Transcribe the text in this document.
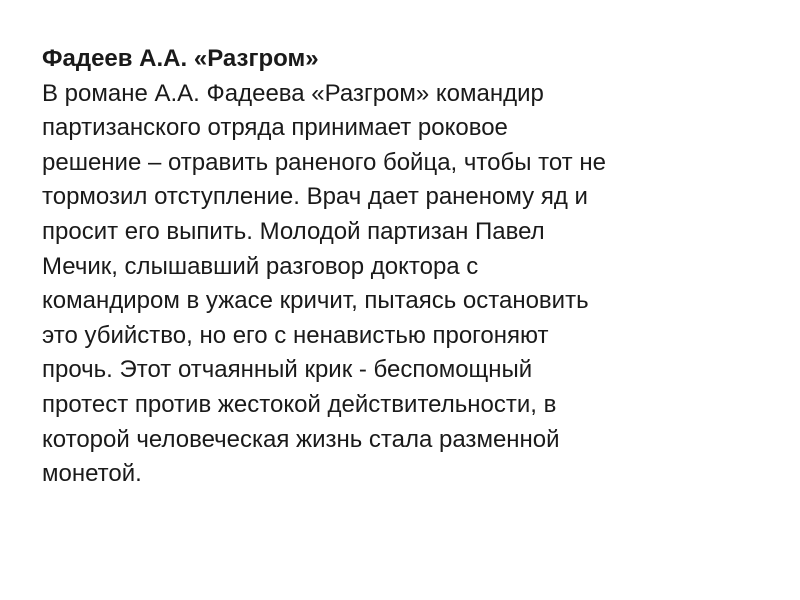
Фадеев А.А. «Разгром»

В романе А.А. Фадеева «Разгром» командир

партизанского отряда принимает роковое

решение – отравить раненого бойца, чтобы тот не

тормозил отступление. Врач дает раненому яд и

просит его выпить. Молодой партизан Павел

Мечик, слышавший разговор доктора с

командиром в ужасе кричит, пытаясь остановить

это убийство, но его с ненавистью прогоняют

прочь. Этот отчаянный крик - беспомощный

протест против жестокой действительности, в

которой человеческая жизнь стала разменной

монетой.
